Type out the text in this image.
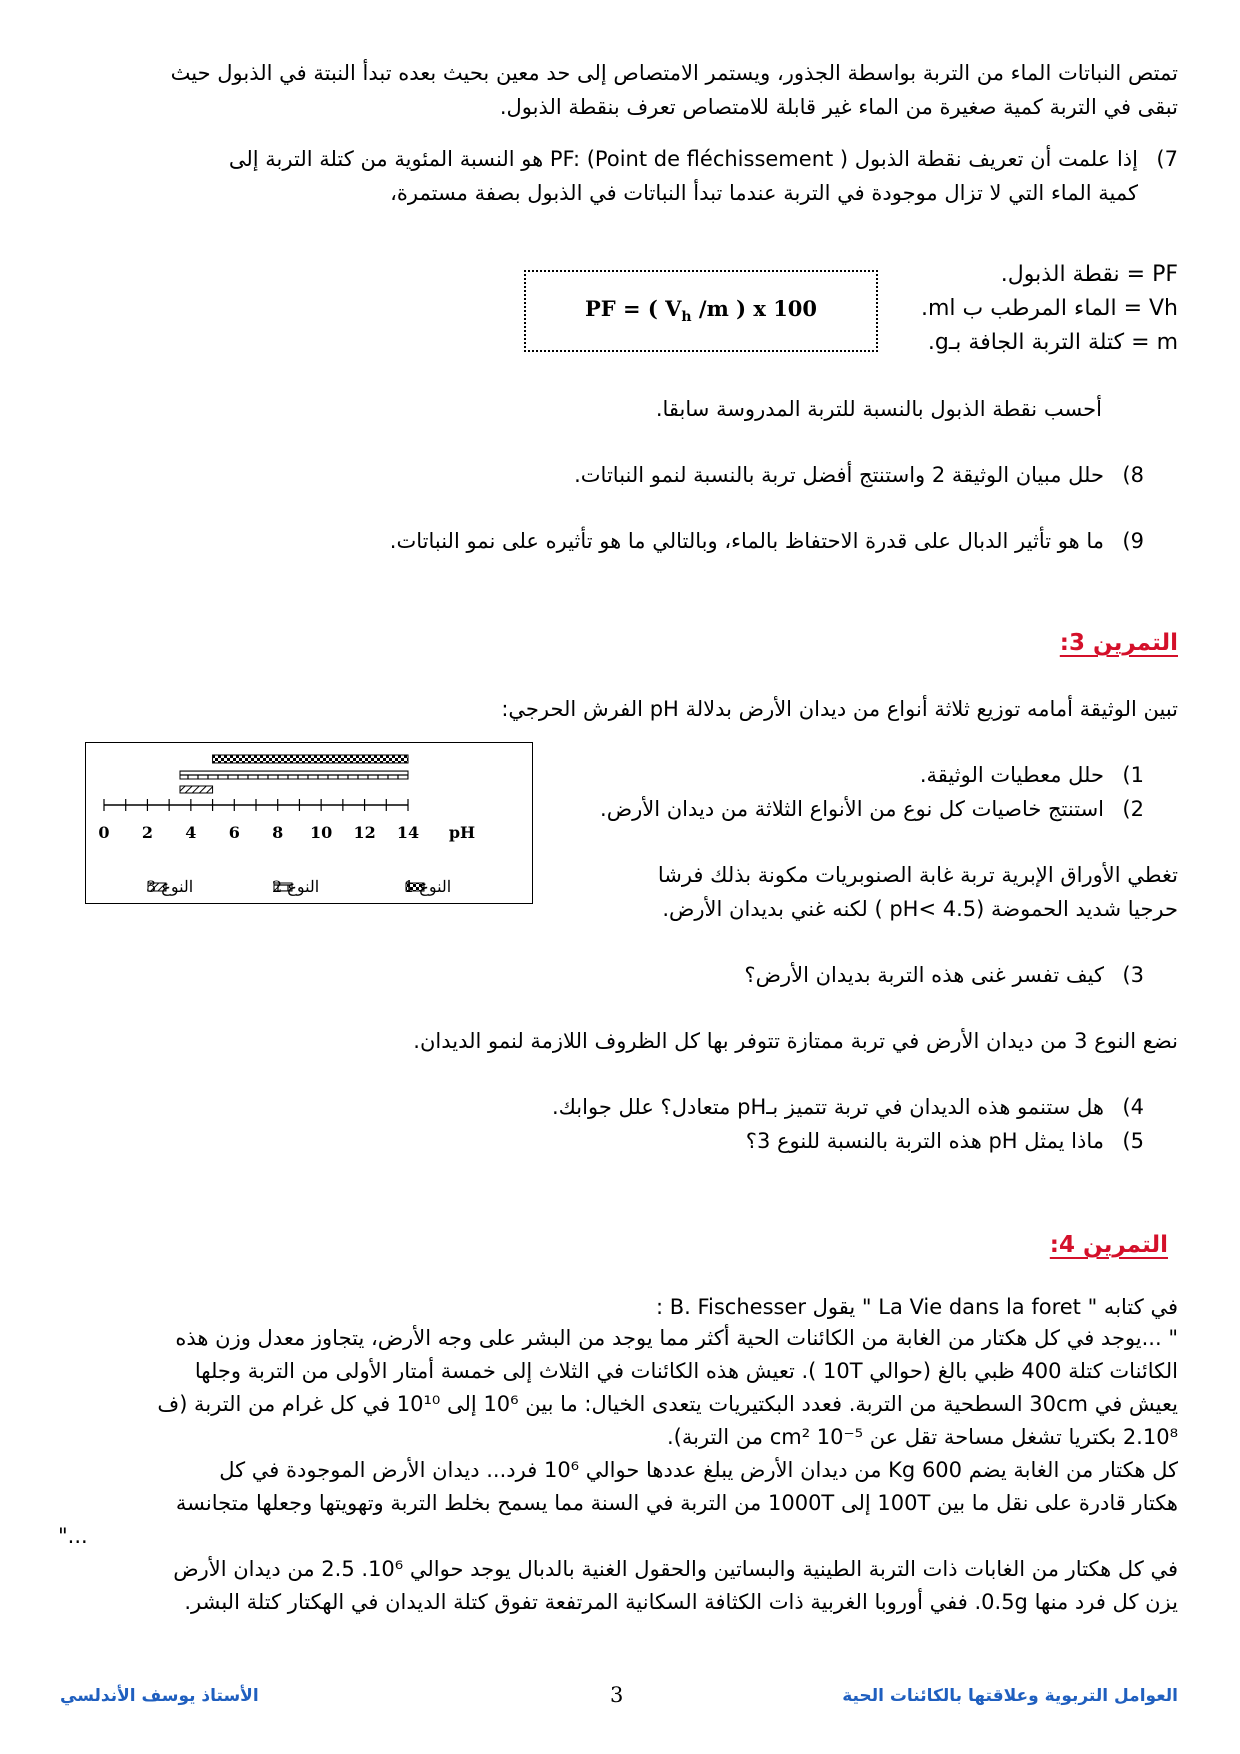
تمتص النباتات الماء من التربة بواسطة الجذور، ويستمر الامتصاص إلى حد معين بحيث بعده تبدأ النبتة في الذبول حيث
تبقى في التربة كمية صغيرة من الماء غير قابلة للامتصاص تعرف بنقطة الذبول.
7)إذا علمت أن تعريف نقطة الذبول PF: (Point de fléchissement ) هو النسبة المئوية من كتلة التربة إلى
كمية الماء التي لا تزال موجودة في التربة عندما تبدأ النباتات في الذبول بصفة مستمرة،
PF = نقطة الذبول.
Vh = الماء المرطب ب ml.
m = كتلة التربة الجافة بـg.
PF = ( $V_h$ /m ) x 100
أحسب نقطة الذبول بالنسبة للتربة المدروسة سابقا.
8)حلل مبيان الوثيقة 2 واستنتج أفضل تربة بالنسبة لنمو النباتات.
9)ما هو تأثير الدبال على قدرة الاحتفاظ بالماء، وبالتالي ما هو تأثيره على نمو النباتات.
التمرين 3:
تبين الوثيقة أمامه توزيع ثلاثة أنواع من ديدان الأرض بدلالة pH الفرش الحرجي:
1)حلل معطيات الوثيقة.
2)استنتج خاصيات كل نوع من الأنواع الثلاثة من ديدان الأرض.
تغطي الأوراق الإبرية تربة غابة الصنوبريات مكونة بذلك فرشا
حرجيا شديد الحموضة (pH< 4.5 ) لكنه غني بديدان الأرض.
3)كيف تفسر غنى هذه التربة بديدان الأرض؟
نضع النوع 3 من ديدان الأرض في تربة ممتازة تتوفر بها كل الظروف اللازمة لنمو الديدان.
4)هل ستنمو هذه الديدان في تربة تتميز بـpH متعادل؟ علل جوابك.
5)ماذا يمثل pH هذه التربة بالنسبة للنوع 3؟
0 2 4 6 8 10 12 14 pH
النوع 1
النوع 2
النوع 3
التمرين 4:
في كتابه " La Vie dans la foret " يقول B. Fischesser :
" ...يوجد في كل هكتار من الغابة من الكائنات الحية أكثر مما يوجد من البشر على وجه الأرض، يتجاوز معدل وزن هذه
الكائنات كتلة 400 ظبي بالغ (حوالي 10T ). تعيش هذه الكائنات في الثلاث إلى خمسة أمتار الأولى من التربة وجلها
يعيش في 30cm السطحية من التربة. فعدد البكتيريات يتعدى الخيال: ما بين 10⁶ إلى 10¹⁰ في كل غرام من التربة (ف
2.10⁸ بكتريا تشغل مساحة تقل عن cm² 10⁻⁵ من التربة).
كل هكتار من الغابة يضم 600 Kg من ديدان الأرض يبلغ عددها حوالي 10⁶ فرد... ديدان الأرض الموجودة في كل
هكتار قادرة على نقل ما بين 100T إلى 1000T من التربة في السنة مما يسمح بخلط التربة وتهويتها وجعلها متجانسة
..."
في كل هكتار من الغابات ذات التربة الطينية والبساتين والحقول الغنية بالدبال يوجد حوالي 10⁶. 2.5 من ديدان الأرض
يزن كل فرد منها 0.5g. ففي أوروبا الغربية ذات الكثافة السكانية المرتفعة تفوق كتلة الديدان في الهكتار كتلة البشر.
الأستاذ يوسف الأندلسي	3	العوامل التربوية وعلاقتها بالكائنات الحية
